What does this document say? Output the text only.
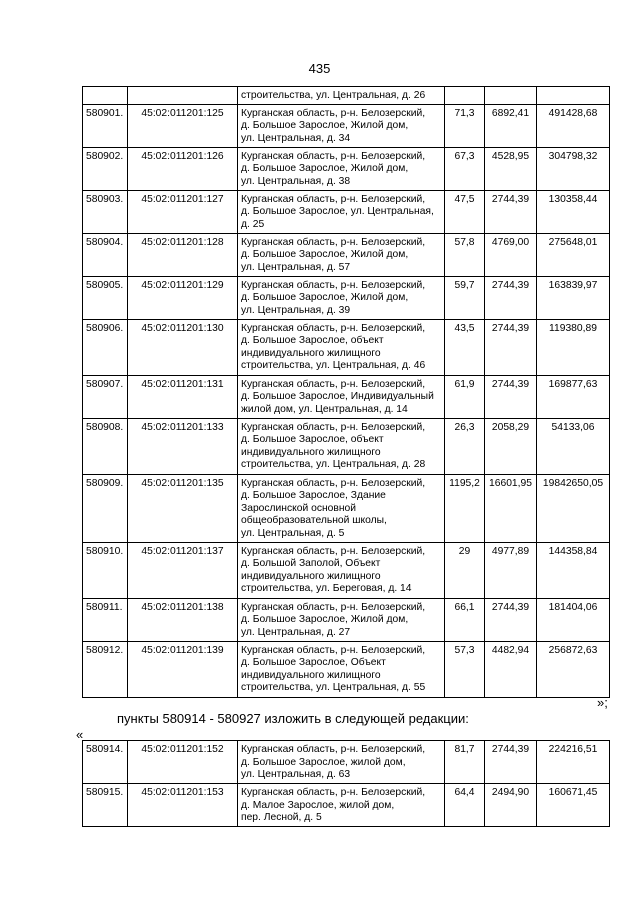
435
		строительства, ул. Центральная, д. 26			
580901.	45:02:011201:125	Курганская область, р-н. Белозерский,
д. Большое Зарослое, Жилой дом,
ул. Центральная, д. 34	71,3	6892,41	491428,68
580902.	45:02:011201:126	Курганская область, р-н. Белозерский,
д. Большое Зарослое, Жилой дом,
ул. Центральная, д. 38	67,3	4528,95	304798,32
580903.	45:02:011201:127	Курганская область, р-н. Белозерский,
д. Большое Зарослое, ул. Центральная,
д. 25	47,5	2744,39	130358,44
580904.	45:02:011201:128	Курганская область, р-н. Белозерский,
д. Большое Зарослое, Жилой дом,
ул. Центральная, д. 57	57,8	4769,00	275648,01
580905.	45:02:011201:129	Курганская область, р-н. Белозерский,
д. Большое Зарослое, Жилой дом,
ул. Центральная, д. 39	59,7	2744,39	163839,97
580906.	45:02:011201:130	Курганская область, р-н. Белозерский,
д. Большое Зарослое, объект
индивидуального жилищного
строительства, ул. Центральная, д. 46	43,5	2744,39	119380,89
580907.	45:02:011201:131	Курганская область, р-н. Белозерский,
д. Большое Зарослое, Индивидуальный
жилой дом, ул. Центральная, д. 14	61,9	2744,39	169877,63
580908.	45:02:011201:133	Курганская область, р-н. Белозерский,
д. Большое Зарослое, объект
индивидуального жилищного
строительства, ул. Центральная, д. 28	26,3	2058,29	54133,06
580909.	45:02:011201:135	Курганская область, р-н. Белозерский,
д. Большое Зарослое, Здание
Зарослинской основной
общеобразовательной школы,
ул. Центральная, д. 5	1195,2	16601,95	19842650,05
580910.	45:02:011201:137	Курганская область, р-н. Белозерский,
д. Большой Заполой, Объект
индивидуального жилищного
строительства, ул. Береговая, д. 14	29	4977,89	144358,84
580911.	45:02:011201:138	Курганская область, р-н. Белозерский,
д. Большое Зарослое, Жилой дом,
ул. Центральная, д. 27	66,1	2744,39	181404,06
580912.	45:02:011201:139	Курганская область, р-н. Белозерский,
д. Большое Зарослое, Объект
индивидуального жилищного
строительства, ул. Центральная, д. 55	57,3	4482,94	256872,63
»;
пункты 580914 - 580927 изложить в следующей редакции:
«
580914.	45:02:011201:152	Курганская область, р-н. Белозерский,
д. Большое Зарослое, жилой дом,
ул. Центральная, д. 63	81,7	2744,39	224216,51
580915.	45:02:011201:153	Курганская область, р-н. Белозерский,
д. Малое Зарослое, жилой дом,
пер. Лесной, д. 5	64,4	2494,90	160671,45
